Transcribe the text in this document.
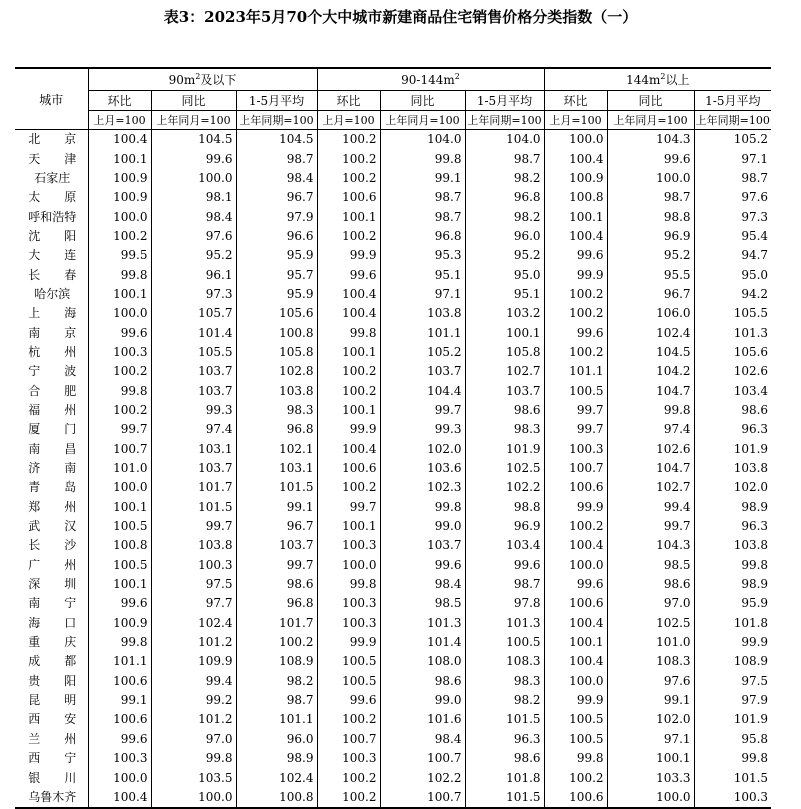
表3：2023年5月70个大中城市新建商品住宅销售价格分类指数（一）
城市	$90m^2$及以下			$90-144m^2$			$144m^2$以上		
	环比	同比	1-5月平均	环比	同比	1-5月平均	环比	同比	1-5月平均
	上月=100	上年同月=100	上年同期=100	上月=100	上年同月=100	上年同期=100	上月=100	上年同月=100	上年同期=100
北　　京	100.4	104.5	104.5	100.2	104.0	104.0	100.0	104.3	105.2
天　　津	100.1	99.6	98.7	100.2	99.8	98.7	100.4	99.6	97.1
石家庄	100.9	100.0	98.4	100.2	99.1	98.2	100.9	100.0	98.7
太　　原	100.9	98.1	96.7	100.6	98.7	96.8	100.8	98.7	97.6
呼和浩特	100.0	98.4	97.9	100.1	98.7	98.2	100.1	98.8	97.3
沈　　阳	100.2	97.6	96.6	100.2	96.8	96.0	100.4	96.9	95.4
大　　连	99.5	95.2	95.9	99.9	95.3	95.2	99.6	95.2	94.7
长　　春	99.8	96.1	95.7	99.6	95.1	95.0	99.9	95.5	95.0
哈尔滨	100.1	97.3	95.9	100.4	97.1	95.1	100.2	96.7	94.2
上　　海	100.0	105.7	105.6	100.4	103.8	103.2	100.2	106.0	105.5
南　　京	99.6	101.4	100.8	99.8	101.1	100.1	99.6	102.4	101.3
杭　　州	100.3	105.5	105.8	100.1	105.2	105.8	100.2	104.5	105.6
宁　　波	100.2	103.7	102.8	100.2	103.7	102.7	101.1	104.2	102.6
合　　肥	99.8	103.7	103.8	100.2	104.4	103.7	100.5	104.7	103.4
福　　州	100.2	99.3	98.3	100.1	99.7	98.6	99.7	99.8	98.6
厦　　门	99.7	97.4	96.8	99.9	99.3	98.3	99.7	97.4	96.3
南　　昌	100.7	103.1	102.1	100.4	102.0	101.9	100.3	102.6	101.9
济　　南	101.0	103.7	103.1	100.6	103.6	102.5	100.7	104.7	103.8
青　　岛	100.0	101.7	101.5	100.2	102.3	102.2	100.6	102.7	102.0
郑　　州	100.1	101.5	99.1	99.7	99.8	98.8	99.9	99.4	98.9
武　　汉	100.5	99.7	96.7	100.1	99.0	96.9	100.2	99.7	96.3
长　　沙	100.8	103.8	103.7	100.3	103.7	103.4	100.4	104.3	103.8
广　　州	100.5	100.3	99.7	100.0	99.6	99.6	100.0	98.5	99.8
深　　圳	100.1	97.5	98.6	99.8	98.4	98.7	99.6	98.6	98.9
南　　宁	99.6	97.7	96.8	100.3	98.5	97.8	100.6	97.0	95.9
海　　口	100.9	102.4	101.7	100.3	101.3	101.3	100.4	102.5	101.8
重　　庆	99.8	101.2	100.2	99.9	101.4	100.5	100.1	101.0	99.9
成　　都	101.1	109.9	108.9	100.5	108.0	108.3	100.4	108.3	108.9
贵　　阳	100.6	99.4	98.2	100.5	98.6	98.3	100.0	97.6	97.5
昆　　明	99.1	99.2	98.7	99.6	99.0	98.2	99.9	99.1	97.9
西　　安	100.6	101.2	101.1	100.2	101.6	101.5	100.5	102.0	101.9
兰　　州	99.6	97.0	96.0	100.7	98.4	96.3	100.5	97.1	95.8
西　　宁	100.3	99.8	98.9	100.3	100.7	98.6	99.8	100.1	99.8
银　　川	100.0	103.5	102.4	100.2	102.2	101.8	100.2	103.3	101.5
乌鲁木齐	100.4	100.0	100.8	100.2	100.7	101.5	100.6	100.0	100.3
